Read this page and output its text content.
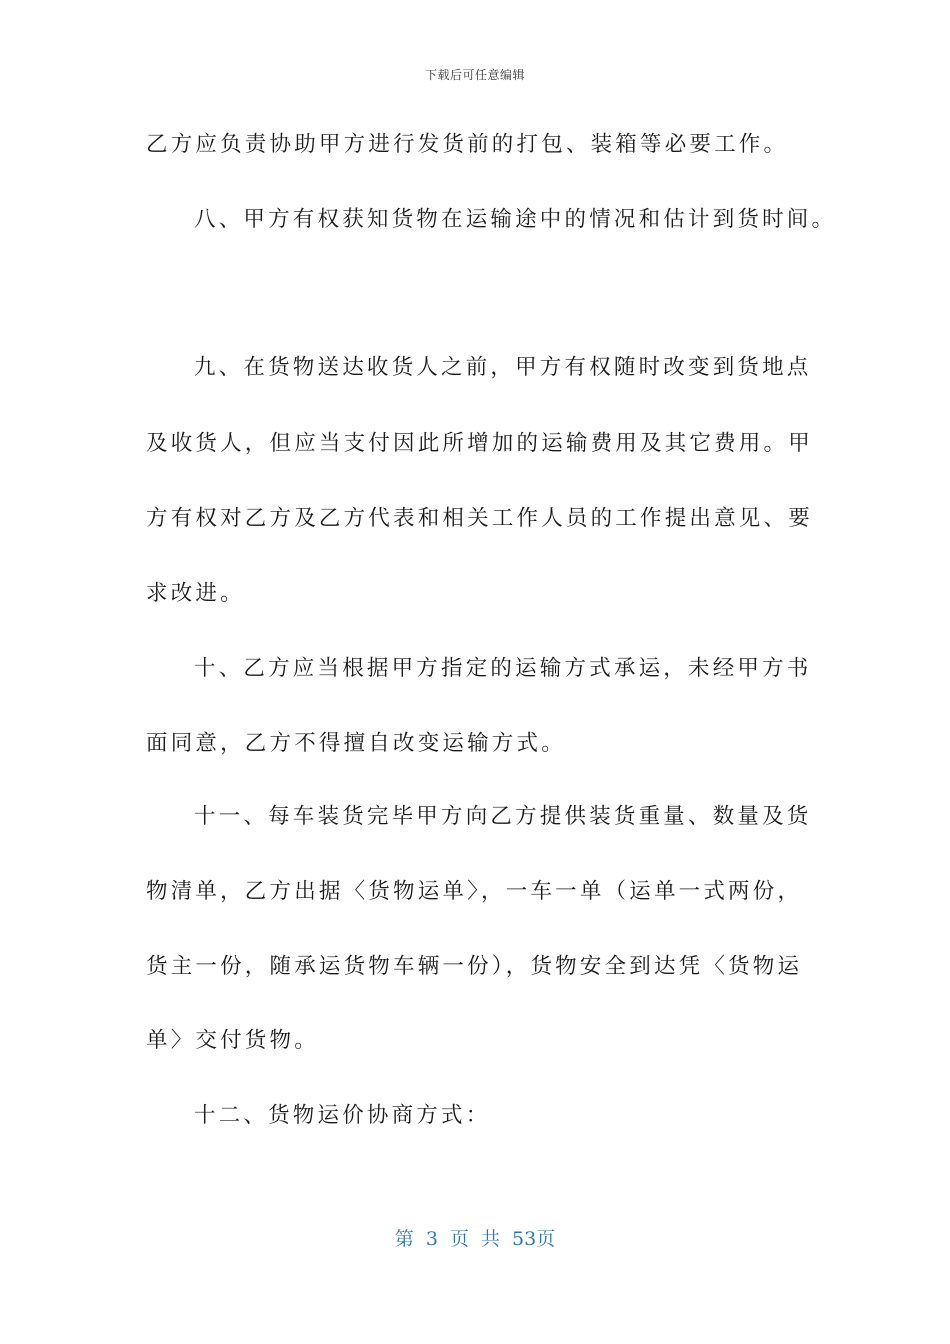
下载后可任意编辑
乙方应负责协助甲方进行发货前的打包、装箱等必要工作。
八、甲方有权获知货物在运输途中的情况和估计到货时间。
九、在货物送达收货人之前，甲方有权随时改变到货地点
及收货人，但应当支付因此所增加的运输费用及其它费用。甲
方有权对乙方及乙方代表和相关工作人员的工作提出意见、要
求改进。
十、乙方应当根据甲方指定的运输方式承运，未经甲方书
面同意，乙方不得擅自改变运输方式。
十一、每车装货完毕甲方向乙方提供装货重量、数量及货
物清单，乙方出据〈货物运单〉，一车一单（运单一式两份，
货主一份，随承运货物车辆一份），货物安全到达凭〈货物运
单〉交付货物。
十二、货物运价协商方式：
第 3 页 共 53页
